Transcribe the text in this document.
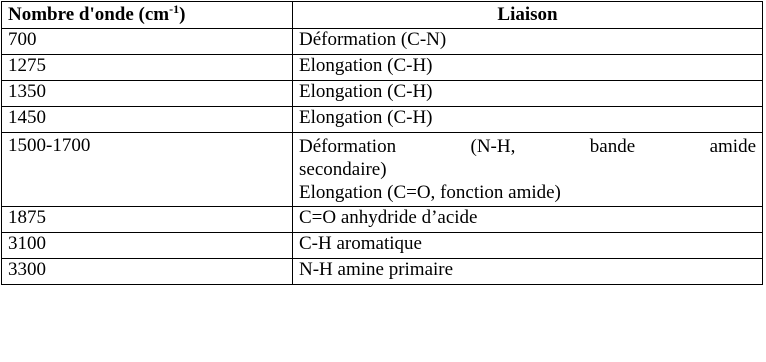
Nombre d'onde $(cm^{-1})$	Liaison
700	Déformation (C-N)
1275	Elongation (C-H)
1350	Elongation (C-H)
1450	Elongation (C-H)
1500-1700	Déformation (N-H, bande amide
secondaire)
Elongation (C=O, fonction amide)

1875	C=O anhydride d’acide
3100	C-H aromatique
3300	N-H amine primaire
